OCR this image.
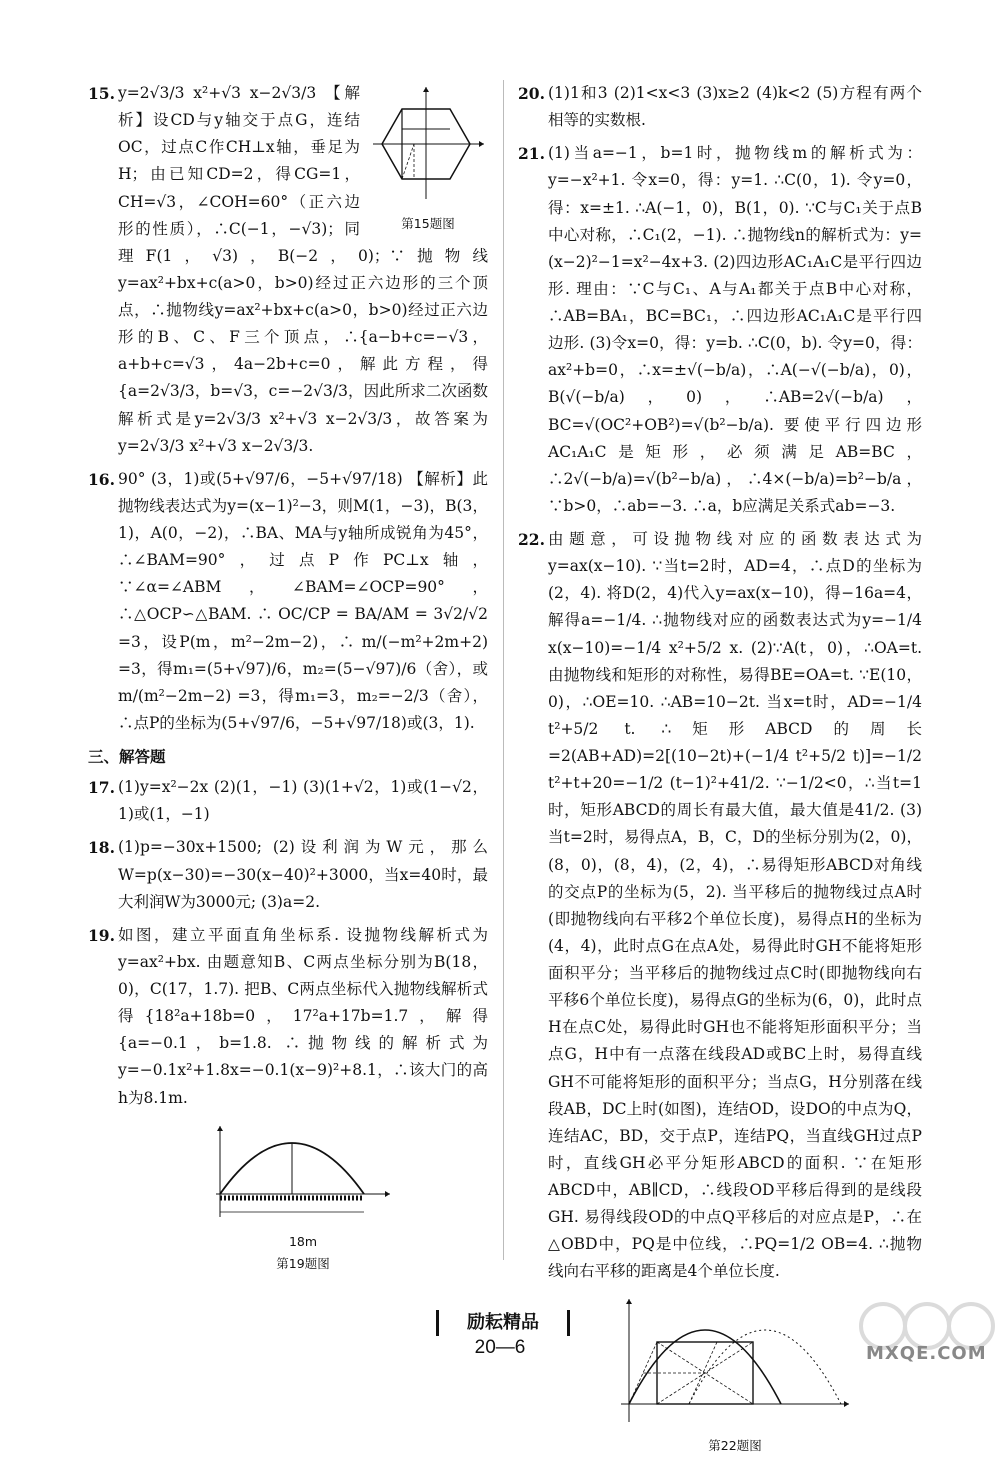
15.
第15题图
y=2√3/3 x²+√3 x−2√3/3 【解析】设CD与y轴交于点G，连结OC，过点C作CH⊥x轴，垂足为H；由已知CD=2，得CG=1，CH=√3，∠COH=60°（正六边形的性质），∴C(−1，−√3)；同理F(1，√3)，B(−2，0)；∵抛物线y=ax²+bx+c(a>0，b>0)经过正六边形的三个顶点，∴抛物线y=ax²+bx+c(a>0，b>0)经过正六边形的B、C、F三个顶点，∴{a−b+c=−√3，a+b+c=√3，4a−2b+c=0，解此方程，得{a=2√3/3，b=√3，c=−2√3/3，因此所求二次函数解析式是y=2√3/3 x²+√3 x−2√3/3，故答案为y=2√3/3 x²+√3 x−2√3/3.
16. 90° (3，1)或(5+√97/6，−5+√97/18) 【解析】此抛物线表达式为y=(x−1)²−3，则M(1，−3)，B(3，1)，A(0，−2)，∴BA、MA与y轴所成锐角为45°，∴∠BAM=90°，过点P作PC⊥x轴，∵∠α=∠ABM，∠BAM=∠OCP=90°，∴△OCP∽△BAM. ∴ OC/CP = BA/AM = 3√2/√2 =3，设P(m，m²−2m−2)，∴ m/(−m²+2m+2) =3，得m₁=(5+√97)/6，m₂=(5−√97)/6（舍），或 m/(m²−2m−2) =3，得m₁=3，m₂=−2/3（舍），∴点P的坐标为(5+√97/6，−5+√97/18)或(3，1).
三、解答题
17. (1)y=x²−2x (2)(1，−1) (3)(1+√2，1)或(1−√2，1)或(1，−1)
18. (1)p=−30x+1500; (2)设利润为W元，那么W=p(x−30)=−30(x−40)²+3000，当x=40时，最大利润W为3000元; (3)a=2.
19. 如图，建立平面直角坐标系. 设抛物线解析式为y=ax²+bx. 由题意知B、C两点坐标分别为B(18，0)，C(17，1.7). 把B、C两点坐标代入抛物线解析式得{18²a+18b=0，17²a+17b=1.7，解得{a=−0.1，b=1.8. ∴抛物线的解析式为y=−0.1x²+1.8x=−0.1(x−9)²+8.1，∴该大门的高h为8.1m.
18m
第19题图
20. (1)1和3 (2)1<x<3 (3)x≥2 (4)k<2 (5)方程有两个相等的实数根.
21. (1)当a=−1，b=1时，抛物线m的解析式为：y=−x²+1. 令x=0，得：y=1. ∴C(0，1). 令y=0，得：x=±1. ∴A(−1，0)，B(1，0). ∵C与C₁关于点B中心对称，∴C₁(2，−1). ∴抛物线n的解析式为：y=(x−2)²−1=x²−4x+3. (2)四边形AC₁A₁C是平行四边形. 理由：∵C与C₁、A与A₁都关于点B中心对称，∴AB=BA₁，BC=BC₁，∴四边形AC₁A₁C是平行四边形. (3)令x=0，得：y=b. ∴C(0，b). 令y=0，得：ax²+b=0，∴x=±√(−b/a)，∴A(−√(−b/a)，0)，B(√(−b/a)，0)，∴AB=2√(−b/a)，BC=√(OC²+OB²)=√(b²−b/a). 要使平行四边形AC₁A₁C是矩形，必须满足AB=BC，∴2√(−b/a)=√(b²−b/a)，∴4×(−b/a)=b²−b/a，∵b>0，∴ab=−3. ∴a，b应满足关系式ab=−3.
22. 由题意，可设抛物线对应的函数表达式为y=ax(x−10). ∵当t=2时，AD=4，∴点D的坐标为(2，4). 将D(2，4)代入y=ax(x−10)，得−16a=4，解得a=−1/4. ∴抛物线对应的函数表达式为y=−1/4 x(x−10)=−1/4 x²+5/2 x. (2)∵A(t，0)，∴OA=t. 由抛物线和矩形的对称性，易得BE=OA=t. ∵E(10，0)，∴OE=10. ∴AB=10−2t. 当x=t时，AD=−1/4 t²+5/2 t. ∴矩形ABCD的周长=2(AB+AD)=2[(10−2t)+(−1/4 t²+5/2 t)]=−1/2 t²+t+20=−1/2 (t−1)²+41/2. ∵−1/2<0，∴当t=1时，矩形ABCD的周长有最大值，最大值是41/2. (3)当t=2时，易得点A，B，C，D的坐标分别为(2，0)，(8，0)，(8，4)，(2，4)，∴易得矩形ABCD对角线的交点P的坐标为(5，2). 当平移后的抛物线过点A时(即抛物线向右平移2个单位长度)，易得点H的坐标为(4，4)，此时点G在点A处，易得此时GH不能将矩形面积平分；当平移后的抛物线过点C时(即抛物线向右平移6个单位长度)，易得点G的坐标为(6，0)，此时点H在点C处，易得此时GH也不能将矩形面积平分；当点G，H中有一点落在线段AD或BC上时，易得直线GH不可能将矩形的面积平分；当点G，H分别落在线段AB，DC上时(如图)，连结OD，设DO的中点为Q，连结AC，BD，交于点P，连结PQ，当直线GH过点P时，直线GH必平分矩形ABCD的面积. ∵在矩形ABCD中，AB∥CD，∴线段OD平移后得到的是线段GH. 易得线段OD的中点Q平移后的对应点是P，∴在△OBD中，PQ是中位线，∴PQ=1/2 OB=4. ∴抛物线向右平移的距离是4个单位长度.
第22题图
励耘精品
20—6	MXQE.COM
